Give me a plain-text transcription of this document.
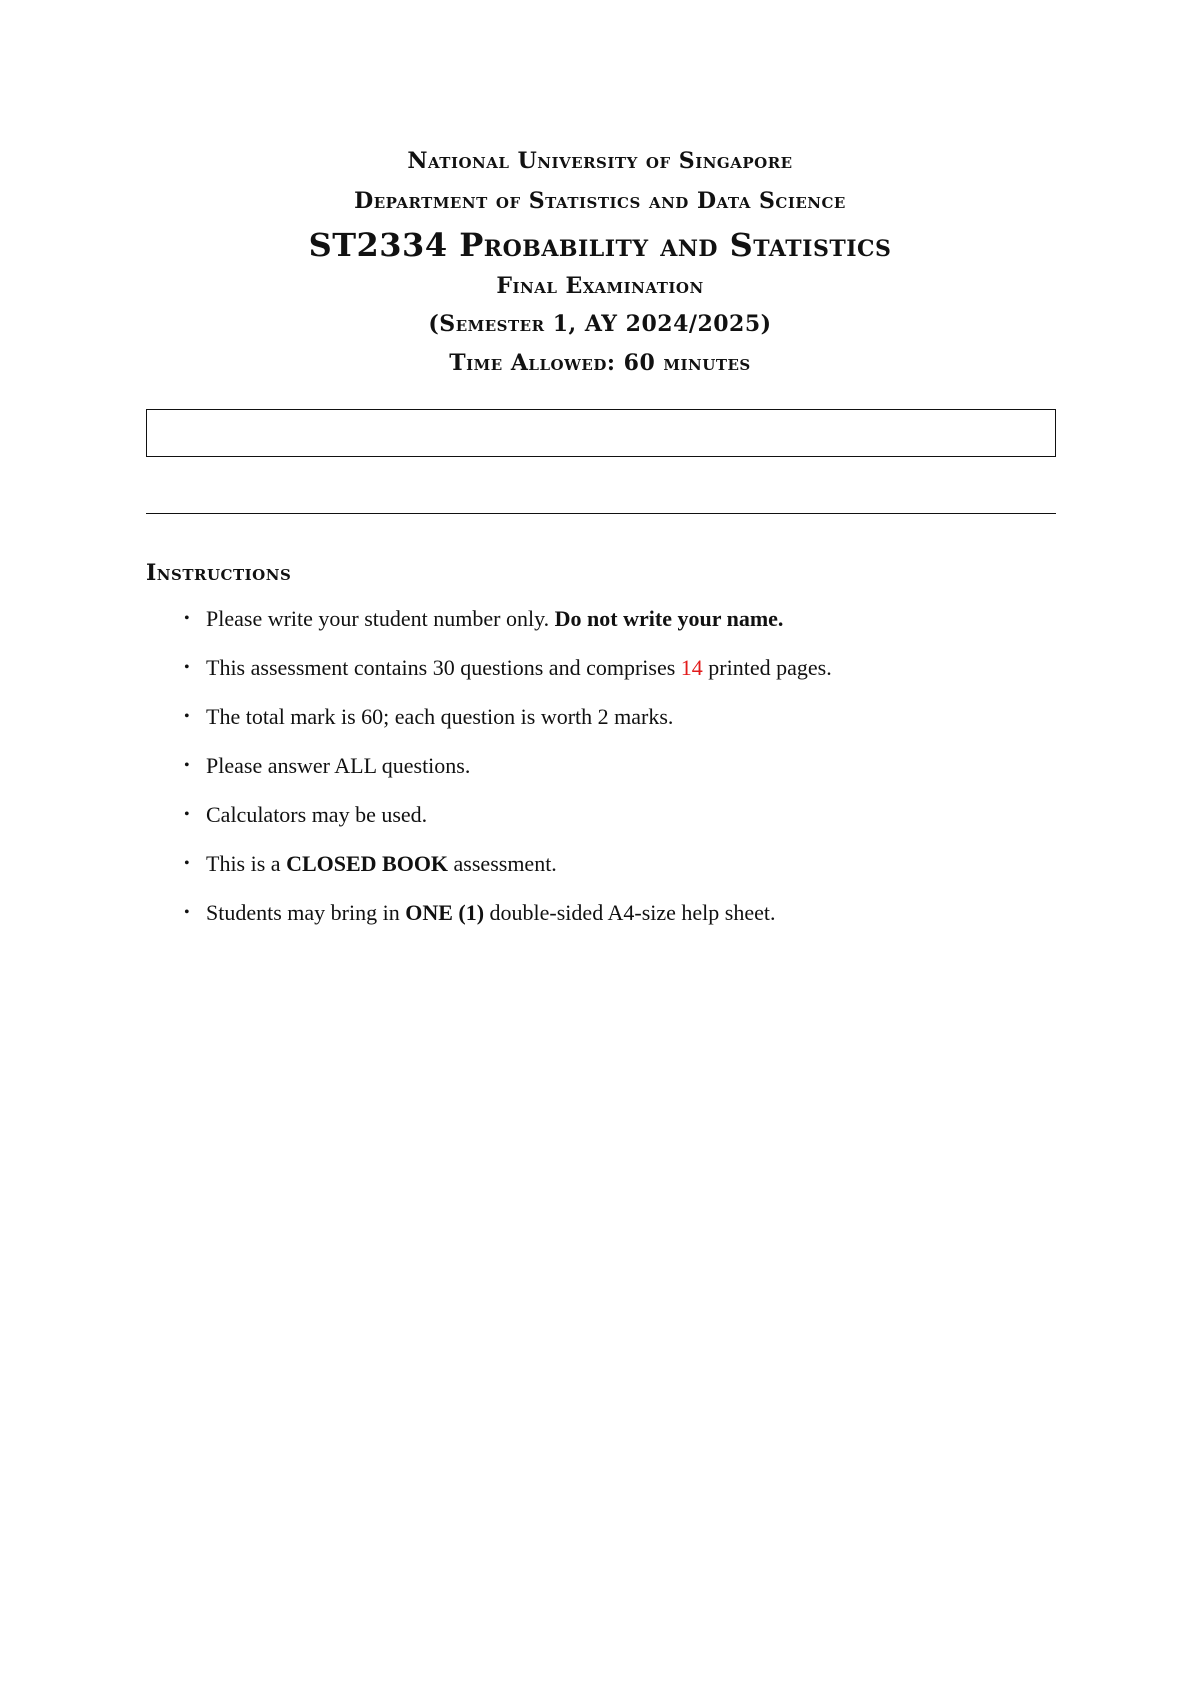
National University of Singapore
Department of Statistics and Data Science
ST2334 Probability and Statistics
Final Examination
(Semester 1, AY 2024/2025)
Time Allowed: 60 minutes
Instructions
• Please write your student number only. Do not write your name.
• This assessment contains 30 questions and comprises 14 printed pages.
• The total mark is 60; each question is worth 2 marks.
• Please answer ALL questions.
• Calculators may be used.
• This is a CLOSED BOOK assessment.
• Students may bring in ONE (1) double-sided A4-size help sheet.
